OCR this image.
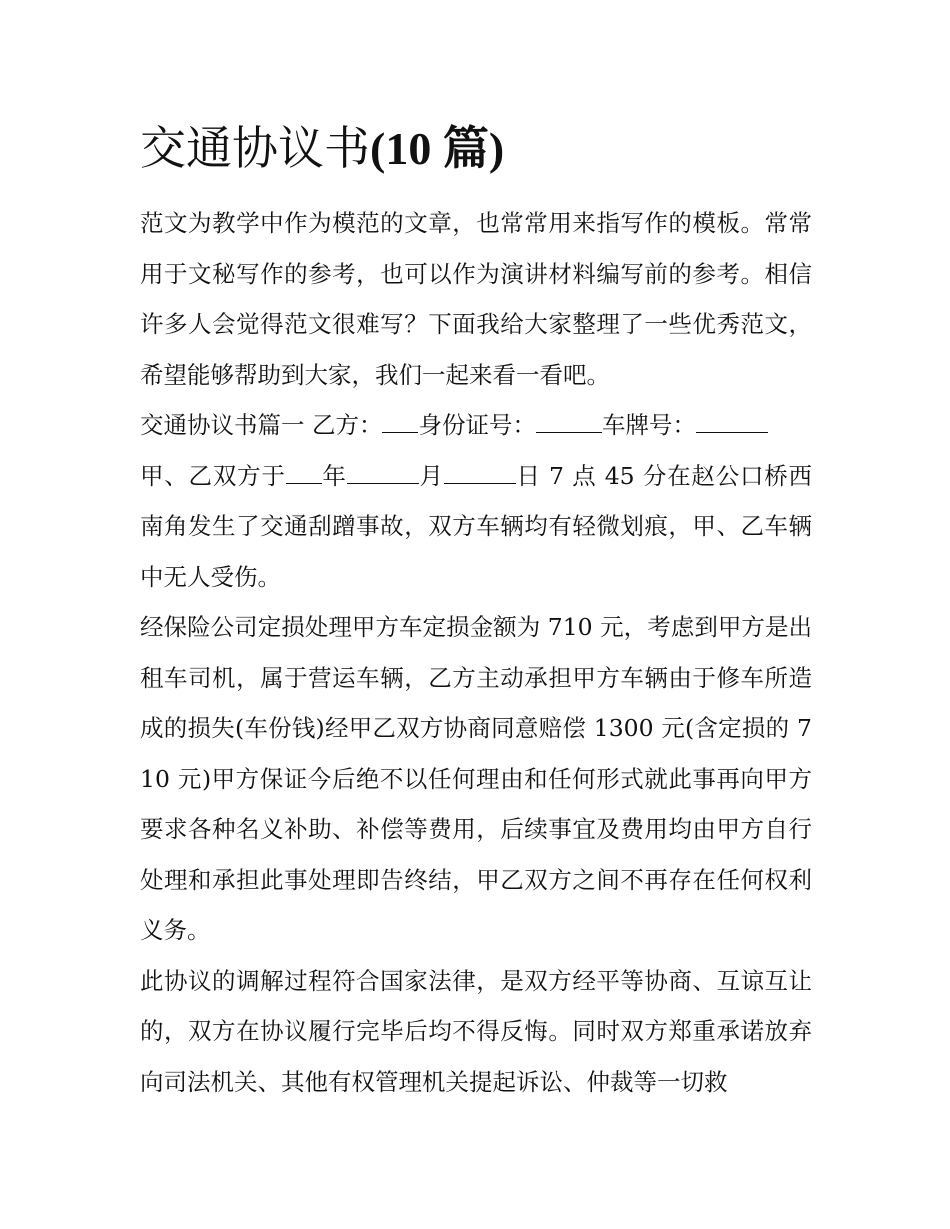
交通协议书(10 篇)

范文为教学中作为模范的文章，也常常用来指写作的模板。常常用于文秘写作的参考，也可以作为演讲材料编写前的参考。相信许多人会觉得范文很难写？下面我给大家整理了一些优秀范文，希望能够帮助到大家，我们一起来看一看吧。

交通协议书篇一 乙方： 身份证号：	车牌号：

甲、乙双方于 年	月	日 7 点 45 分在赵公口桥西南角发生了交通刮蹭事故，双方车辆均有轻微划痕，甲、乙车辆中无人受伤。

经保险公司定损处理甲方车定损金额为 710 元，考虑到甲方是出租车司机，属于营运车辆，乙方主动承担甲方车辆由于修车所造成的损失(车份钱)经甲乙双方协商同意赔偿 1300 元(含定损的 710 元)甲方保证今后绝不以任何理由和任何形式就此事再向甲方要求各种名义补助、补偿等费用，后续事宜及费用均由甲方自行处理和承担此事处理即告终结，甲乙双方之间不再存在任何权利义务。

此协议的调解过程符合国家法律，是双方经平等协商、互谅互让的，双方在协议履行完毕后均不得反悔。同时双方郑重承诺放弃向司法机关、其他有权管理机关提起诉讼、仲裁等一切救
